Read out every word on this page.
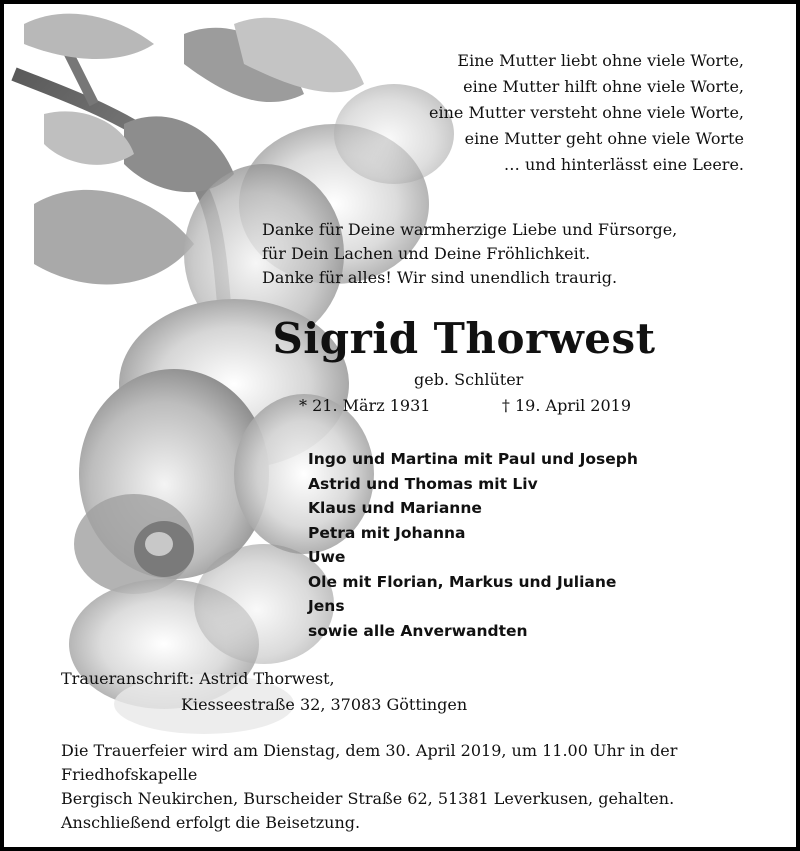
Eine Mutter liebt ohne viele Worte,
eine Mutter hilft ohne viele Worte,
eine Mutter versteht ohne viele Worte,
eine Mutter geht ohne viele Worte
… und hinterlässt eine Leere.
Danke für Deine warmherzige Liebe und Fürsorge,
für Dein Lachen und Deine Fröhlichkeit.
Danke für alles! Wir sind unendlich traurig.
Sigrid Thorwest
geb. Schlüter
* 21. März 1931	† 19. April 2019
Ingo und Martina mit Paul und Joseph
Astrid und Thomas mit Liv
Klaus und Marianne
Petra mit Johanna
Uwe
Ole mit Florian, Markus und Juliane
Jens
sowie alle Anverwandten
Traueranschrift: Astrid Thorwest,
Kiesseestraße 32, 37083 Göttingen
Die Trauerfeier wird am Dienstag, dem 30. April 2019, um 11.00 Uhr in der Friedhofskapelle
Bergisch Neukirchen, Burscheider Straße 62, 51381 Leverkusen, gehalten.
Anschließend erfolgt die Beisetzung.
